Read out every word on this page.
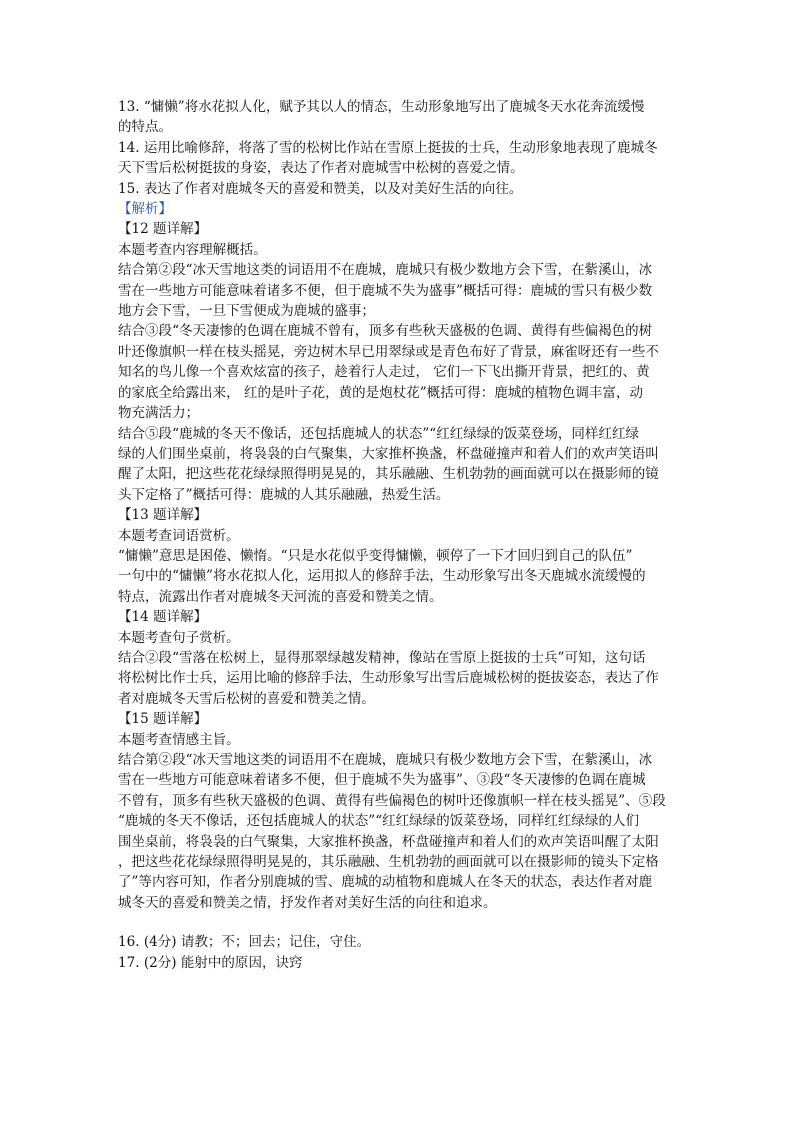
13. “慵懒”将水花拟人化，赋予其以人的情态，生动形象地写出了鹿城冬天水花奔流缓慢
的特点。
14. 运用比喻修辞，将落了雪的松树比作站在雪原上挺拔的士兵，生动形象地表现了鹿城冬
天下雪后松树挺拔的身姿，表达了作者对鹿城雪中松树的喜爱之情。
15. 表达了作者对鹿城冬天的喜爱和赞美，以及对美好生活的向往。
【解析】
【12 题详解】
本题考查内容理解概括。
结合第②段“冰天雪地这类的词语用不在鹿城，鹿城只有极少数地方会下雪，在紫溪山，冰
雪在一些地方可能意味着诸多不便，但于鹿城不失为盛事”概括可得：鹿城的雪只有极少数
地方会下雪，一旦下雪便成为鹿城的盛事；
结合③段“冬天凄惨的色调在鹿城不曾有，顶多有些秋天盛极的色调、黄得有些偏褐色的树
叶还像旗帜一样在枝头摇晃，旁边树木早已用翠绿或是青色布好了背景，麻雀呀还有一些不
知名的鸟儿像一个喜欢炫富的孩子，趁着行人走过， 它们一下飞出撕开背景，把红的、黄
的家底全给露出来， 红的是叶子花，黄的是炮杖花”概括可得：鹿城的植物色调丰富，动
物充满活力；
结合⑤段“鹿城的冬天不像话，还包括鹿城人的状态”“红红绿绿的饭菜登场，同样红红绿
绿的人们围坐桌前，将袅袅的白气聚集，大家推杯换盏，杯盘碰撞声和着人们的欢声笑语叫
醒了太阳，把这些花花绿绿照得明晃晃的，其乐融融、生机勃勃的画面就可以在摄影师的镜
头下定格了”概括可得：鹿城的人其乐融融，热爱生活。
【13 题详解】
本题考查词语赏析。
“慵懒”意思是困倦、懒惰。“只是水花似乎变得慵懒，顿停了一下才回归到自己的队伍”
一句中的“慵懒”将水花拟人化，运用拟人的修辞手法，生动形象写出冬天鹿城水流缓慢的
特点，流露出作者对鹿城冬天河流的喜爱和赞美之情。
【14 题详解】
本题考查句子赏析。
结合②段“雪落在松树上，显得那翠绿越发精神，像站在雪原上挺拔的士兵”可知，这句话
将松树比作士兵，运用比喻的修辞手法，生动形象写出雪后鹿城松树的挺拔姿态，表达了作
者对鹿城冬天雪后松树的喜爱和赞美之情。
【15 题详解】
本题考查情感主旨。
结合第②段“冰天雪地这类的词语用不在鹿城，鹿城只有极少数地方会下雪，在紫溪山，冰
雪在一些地方可能意味着诸多不便，但于鹿城不失为盛事”、③段“冬天凄惨的色调在鹿城
不曾有，顶多有些秋天盛极的色调、黄得有些偏褐色的树叶还像旗帜一样在枝头摇晃”、⑤段
“鹿城的冬天不像话，还包括鹿城人的状态”“红红绿绿的饭菜登场，同样红红绿绿的人们
围坐桌前，将袅袅的白气聚集，大家推杯换盏，杯盘碰撞声和着人们的欢声笑语叫醒了太阳
，把这些花花绿绿照得明晃晃的，其乐融融、生机勃勃的画面就可以在摄影师的镜头下定格
了”等内容可知，作者分别鹿城的雪、鹿城的动植物和鹿城人在冬天的状态，表达作者对鹿
城冬天的喜爱和赞美之情，抒发作者对美好生活的向往和追求。
16. (4分) 请教；不；回去；记住，守住。
17. (2分) 能射中的原因，诀窍
